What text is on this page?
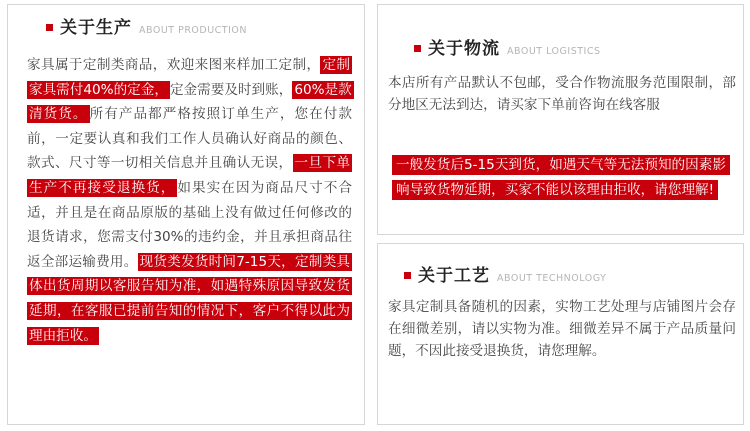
关于生产 ABOUT PRODUCTION
家具属于定制类商品，欢迎来图来样加工定制， 定制家具需付40%的定金， 定金需要及时到账， 60%是款清货货。 所有产品都严格按照订单生产，您在付款前，一定要认真和我们工作人员确认好商品的颜色、款式、尺寸等一切相关信息并且确认无误， 一旦下单生产不再接受退换货， 如果实在因为商品尺寸不合适，并且是在商品原版的基础上没有做过任何修改的退货请求，您需支付30%的违约金，并且承担商品往返全部运输费用。 现货类发货时间7-15天，定制类具体出货周期以客服告知为准，如遇特殊原因导致发货延期，在客服已提前告知的情况下，客户不得以此为理由拒收。
关于物流 ABOUT LOGISTICS
本店所有产品默认不包邮，受合作物流服务范围限制，部分地区无法到达，请买家下单前咨询在线客服
一般发货后5-15天到货，如遇天气等无法预知的因素影响导致货物延期，买家不能以该理由拒收，请您理解!
关于工艺 ABOUT TECHNOLOGY
家具定制具备随机的因素，实物工艺处理与店铺图片会存在细微差别，请以实物为准。细微差异不属于产品质量问题，不因此接受退换货，请您理解。
